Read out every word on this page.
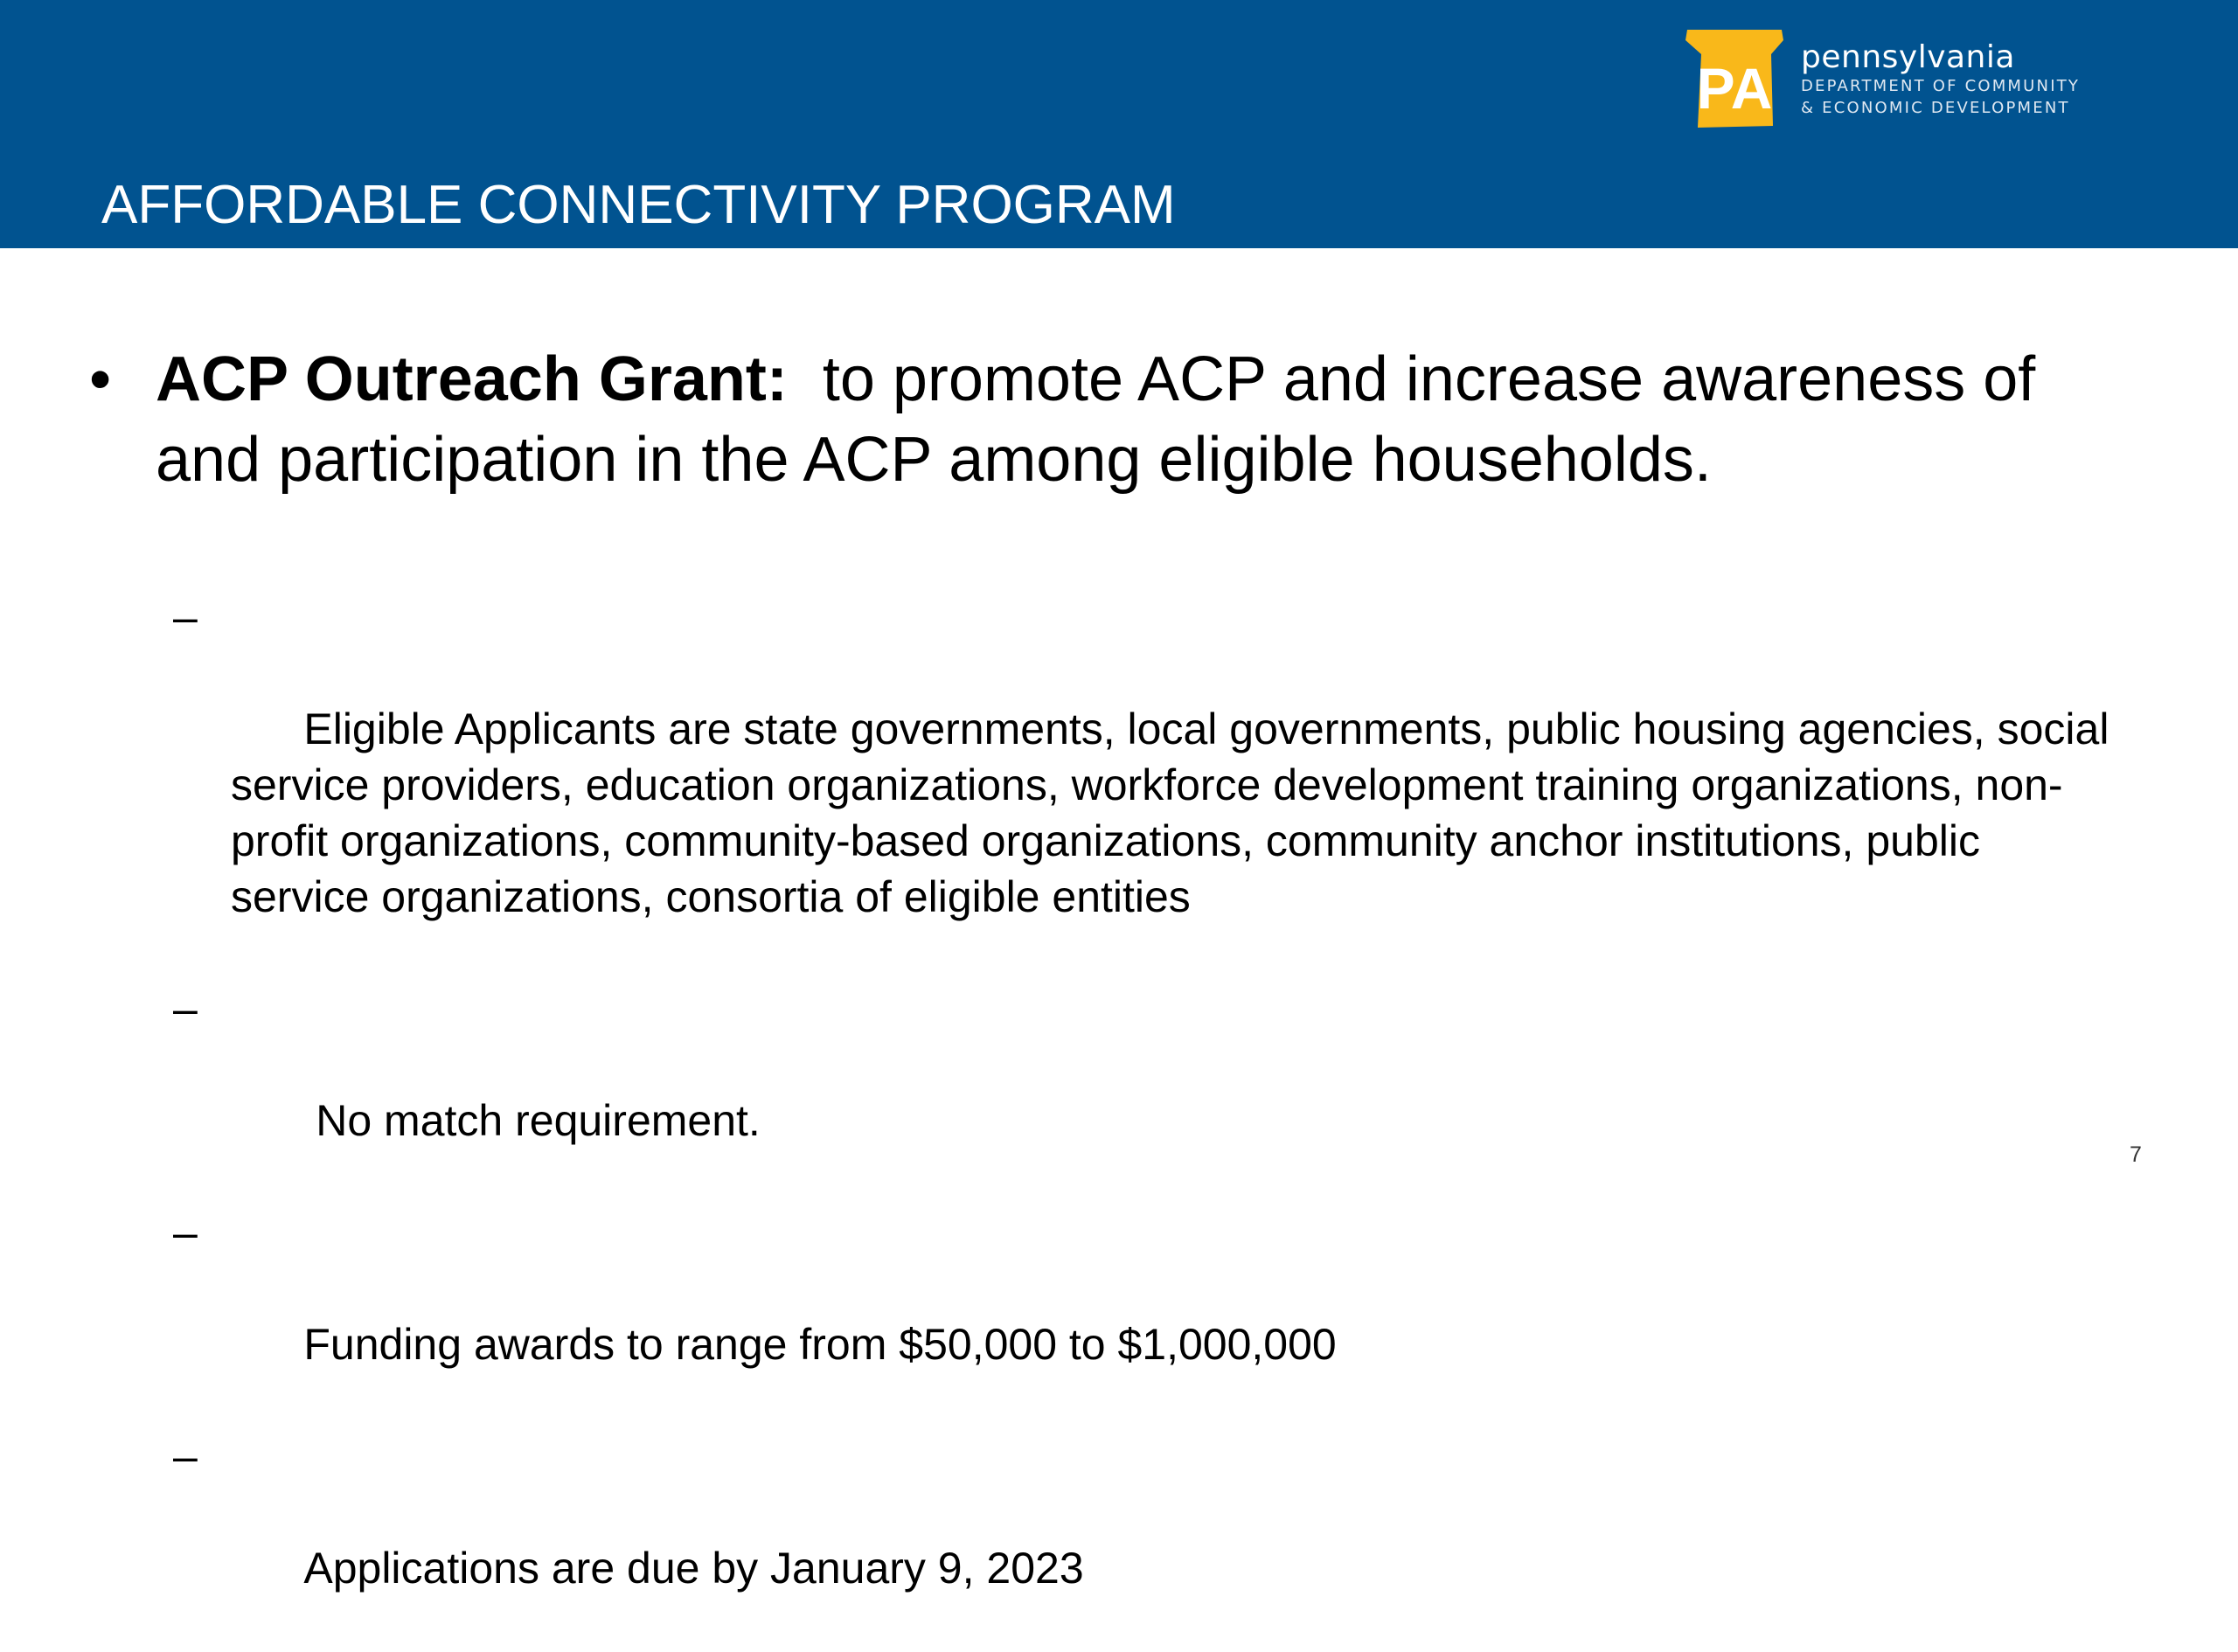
PA pennsylvania
DEPARTMENT OF COMMUNITY
& ECONOMIC DEVELOPMENT
AFFORDABLE CONNECTIVITY PROGRAM
• ACP Outreach Grant: to promote ACP and increase awareness of and participation in the ACP among eligible households.

–

Eligible Applicants are state governments, local governments, public housing agencies, social service providers, education organizations, workforce development training organizations, non-profit organizations, community-based organizations, community anchor institutions, public service organizations, consortia of eligible entities

–

No match requirement.

–

Funding awards to range from $50,000 to $1,000,000

–

Applications are due by January 9, 2023

7
